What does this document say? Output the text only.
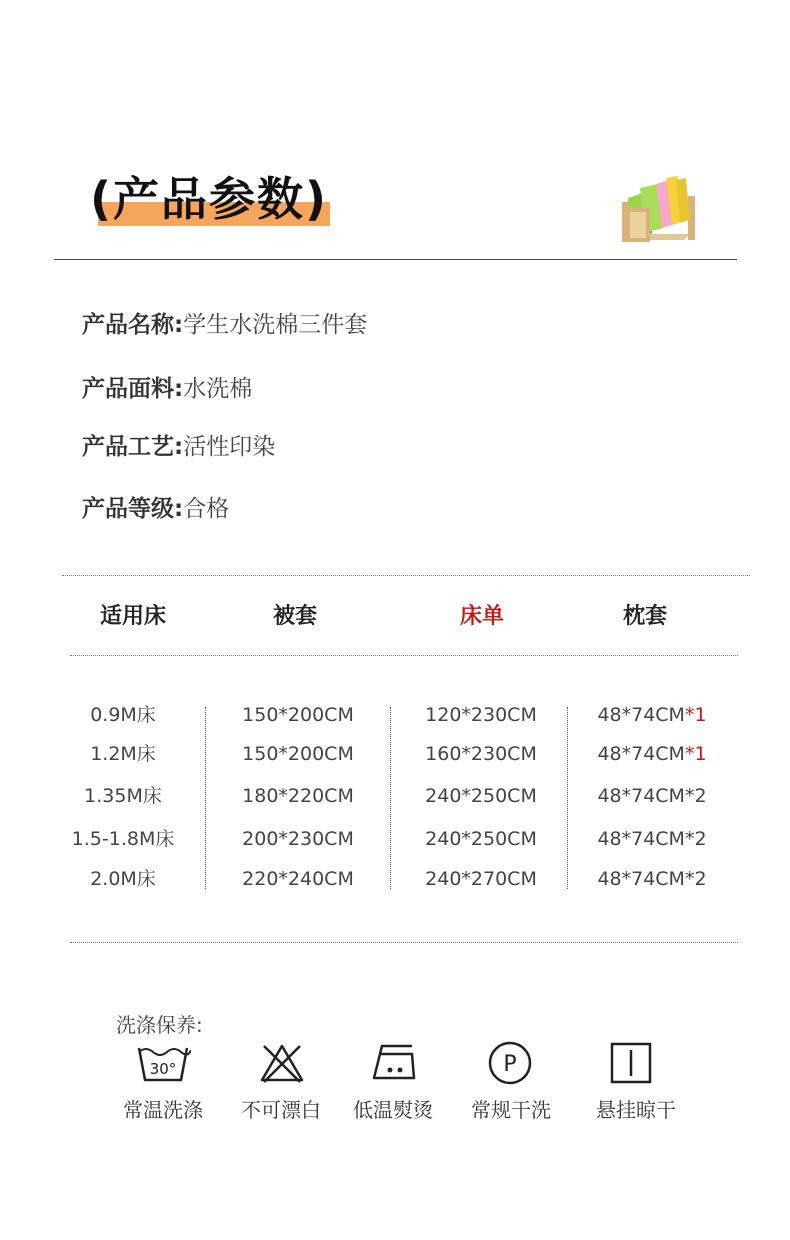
(产品参数)
产品名称:学生水洗棉三件套
产品面料:水洗棉
产品工艺:活性印染
产品等级:合格
适用床	被套	床单	枕套
0.9M床	150*200CM	120*230CM	48*74CM*1
1.2M床	150*200CM	160*230CM	48*74CM*1
1.35M床	180*220CM	240*250CM	48*74CM*2
1.5-1.8M床	200*230CM	240*250CM	48*74CM*2
2.0M床	220*240CM	240*270CM	48*74CM*2
洗涤保养:
30°	P
常温洗涤	不可漂白	低温熨烫	常规干洗	悬挂晾干
